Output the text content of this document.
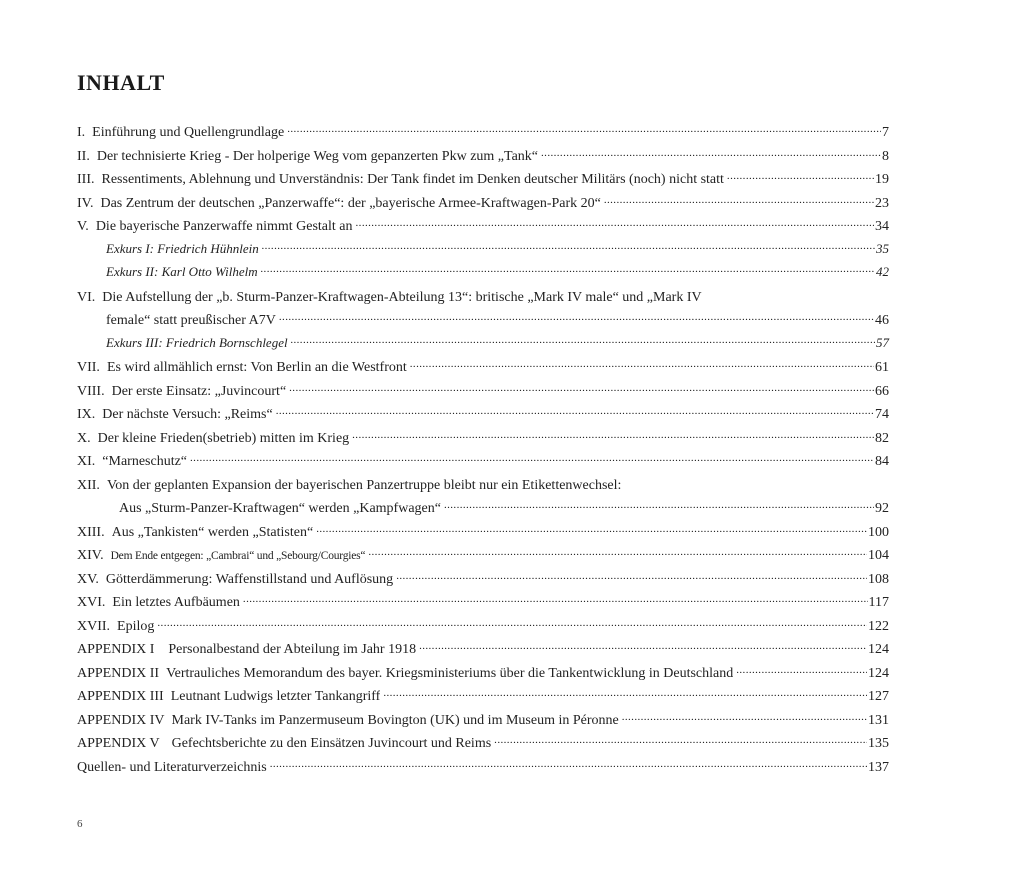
INHALT
I. Einführung und Quellengrundlage .....	7
II. Der technisierte Krieg - Der holperige Weg vom gepanzerten Pkw zum „Tank“ .....	8
III. Ressentiments, Ablehnung und Unverständnis: Der Tank findet im Denken deutscher Militärs (noch) nicht statt .....	19
IV. Das Zentrum der deutschen „Panzerwaffe“: der „bayerische Armee-Kraftwagen-Park 20“ .....	23
V. Die bayerische Panzerwaffe nimmt Gestalt an .....	34
Exkurs I: Friedrich Hühnlein .....	35
Exkurs II: Karl Otto Wilhelm .....	42
VI. Die Aufstellung der „b. Sturm-Panzer-Kraftwagen-Abteilung 13“: britische „Mark IV male“ und „Mark IV
female“ statt preußischer A7V .....	46
Exkurs III: Friedrich Bornschlegel .....	57
VII. Es wird allmählich ernst: Von Berlin an die Westfront .....	61
VIII. Der erste Einsatz: „Juvincourt“ .....	66
IX. Der nächste Versuch: „Reims“ .....	74
X. Der kleine Frieden(sbetrieb) mitten im Krieg .....	82
XI. “Marneschutz“ .....	84
XII. Von der geplanten Expansion der bayerischen Panzertruppe bleibt nur ein Etikettenwechsel:
Aus „Sturm-Panzer-Kraftwagen“ werden „Kampfwagen“ .....	92
XIII. Aus „Tankisten“ werden „Statisten“ .....	100
XIV. Dem Ende entgegen: „Cambrai“ und „Sebourg/Courgies“ .....	104
XV. Götterdämmerung: Waffenstillstand und Auflösung .....	108
XVI. Ein letztes Aufbäumen .....	117
XVII. Epilog .....	122
APPENDIX I Personalbestand der Abteilung im Jahr 1918 .....	124
APPENDIX II Vertrauliches Memorandum des bayer. Kriegsministeriums über die Tankentwicklung in Deutschland .....	124
APPENDIX III Leutnant Ludwigs letzter Tankangriff .....	127
APPENDIX IV Mark IV-Tanks im Panzermuseum Bovington (UK) und im Museum in Péronne .....	131
APPENDIX V Gefechtsberichte zu den Einsätzen Juvincourt und Reims .....	135
Quellen- und Literaturverzeichnis .....	137
6
